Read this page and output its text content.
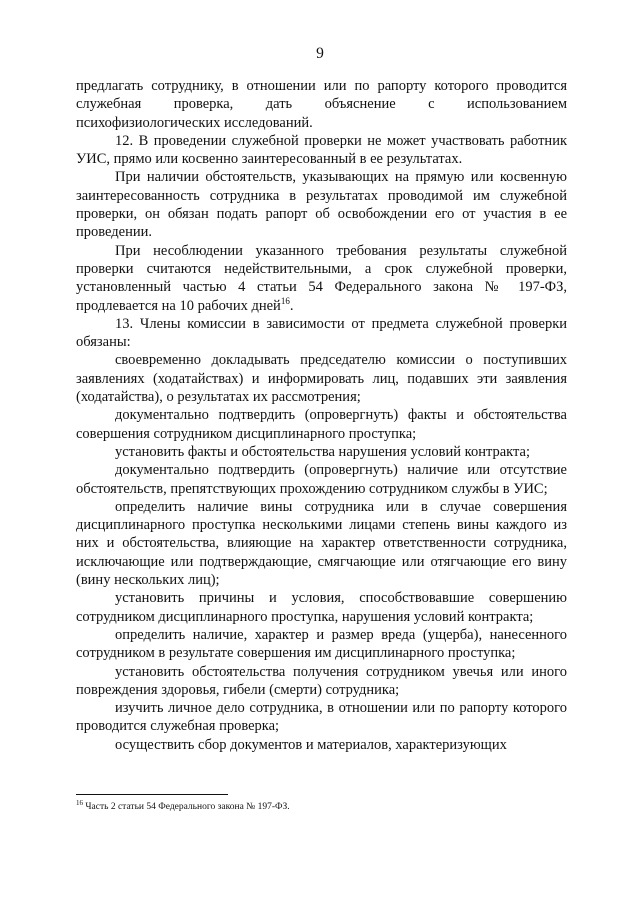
9

предлагать сотруднику, в отношении или по рапорту которого проводится служебная проверка, дать объяснение с использованием психофизиологических исследований.

12. В проведении служебной проверки не может участвовать работник УИС, прямо или косвенно заинтересованный в ее результатах.

При наличии обстоятельств, указывающих на прямую или косвенную заинтересованность сотрудника в результатах проводимой им служебной проверки, он обязан подать рапорт об освобождении его от участия в ее проведении.

При несоблюдении указанного требования результаты служебной проверки считаются недействительными, а срок служебной проверки, установленный частью 4 статьи 54 Федерального закона № 197-ФЗ, продлевается на 10 рабочих дней$^{16}$.

13. Члены комиссии в зависимости от предмета служебной проверки обязаны:

своевременно докладывать председателю комиссии о поступивших заявлениях (ходатайствах) и информировать лиц, подавших эти заявления (ходатайства), о результатах их рассмотрения;

документально подтвердить (опровергнуть) факты и обстоятельства совершения сотрудником дисциплинарного проступка;

установить факты и обстоятельства нарушения условий контракта;

документально подтвердить (опровергнуть) наличие или отсутствие обстоятельств, препятствующих прохождению сотрудником службы в УИС;

определить наличие вины сотрудника или в случае совершения дисциплинарного проступка несколькими лицами степень вины каждого из них и обстоятельства, влияющие на характер ответственности сотрудника, исключающие или подтверждающие, смягчающие или отягчающие его вину (вину нескольких лиц);

установить причины и условия, способствовавшие совершению сотрудником дисциплинарного проступка, нарушения условий контракта;

определить наличие, характер и размер вреда (ущерба), нанесенного сотрудником в результате совершения им дисциплинарного проступка;

установить обстоятельства получения сотрудником увечья или иного повреждения здоровья, гибели (смерти) сотрудника;

изучить личное дело сотрудника, в отношении или по рапорту которого проводится служебная проверка;

осуществить сбор документов и материалов, характеризующих

$^{16}$ Часть 2 статьи 54 Федерального закона № 197-ФЗ.
